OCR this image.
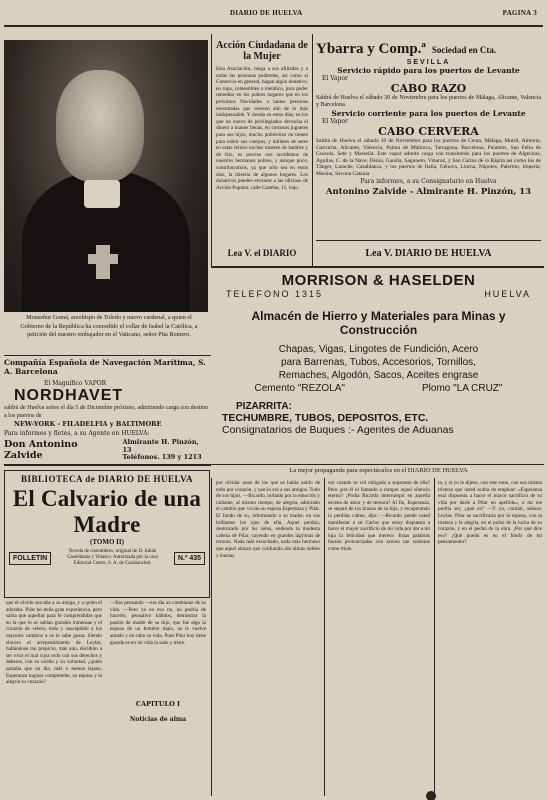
DIARIO DE HUELVA	PAGINA 3
Monseñor Gomá, arzobispo de Toledo y nuevo cardenal, a quien el Gobierno de la República ha concedido el collar de Isabel la Católica, a petición del nuestro embajador en el Vaticano, señor Pita Romero.
Acción Ciudadana de la Mujer
Esta Asociación, ruega a sus afiliadas y a todas las personas pudientes, así como al Comercio en general, hagan algún donativo, en ropa, comestibles o metálico, para poder remediar en los pobres hogares que en los próximos Navidades a tantas personas necesitadas que carecen aún de lo más indispensable. Y siendo en estos días, en los que un nuevo de privilegiados derrocha el dinero a manos llenas, en costosos juguetes para sus hijos, mucho pobrecitos no tienen para cubrir sus cuerpos, y millares de seres en estas felices noches mueren de hambre y de frío, es preciso nos acordemos de nuestros hermanos pobres, y aunque poco, contribuyamos, ya que sólo sea en estos días, la miseria de algunos hogares. Los donativos pueden enviarse a las oficinas de Acción Popular, calle Castelar, 11, bajo.
Lea V. el DIARIO
Ybarra y Comp.ª Sociedad en Cta.
SEVILLA
Servicio rápido para los puertos de Levante
El Vapor
CABO RAZO
Saldrá de Huelva el sábado 30 de Noviembre para los puertos de Málaga, Alicante, Valencia y Barcelona.
Servicio corriente para los puertos de Levante
El Vapor
CABO CERVERA
Saldrá de Huelva el sábado 30 de Noviembre para los puertos de Ceuta, Málaga, Motril, Almería, Garrucha, Alicante, Valencia, Palma de Mallorca, Tarragona, Barcelona, Palamós, San Feliu de Guixols, Sete y Marsella. Este vapor admite carga con transbordo para los puertos de Algeciras, Aguilas, C. de la Nave, Denia, Gandía, Saguneto, Vinaroz, y San Carlos de la Rápita así como los de Tánger, Larache, Casablanca, y los puertos de Italia, Génova, Liorna, Nápoles, Palermo, Imperia, Mesina, Savona Catania
Para informes, a su Consignatario en Huelva
Antonino Zalvide - Almirante H. Pinzón, 13
Lea V. DIARIO DE HUELVA
MORRISON & HASELDEN
TELEFONO 1315	HUELVA
Almacén de Hierro y Materiales para Minas y Construcción
Chapas, Vigas, Lingotes de Fundición, Acero
para Barrenas, Tubos, Accesorios, Tornillos,
Remaches, Algodón, Sacos, Aceites engrase
Cemento "REZOLA"	Plomo "LA CRUZ"
PIZARRITA:
TECHUMBRE, TUBOS, DEPOSITOS, ETC.
Consignatarios de Buques :- Agentes de Aduanas
La mejor propaganda para espectáculos en el DIARIO DE HUELVA
Compañía Española de Navegación Marítima, S. A. Barcelona
El Magnífico VAPOR
NORDHAVET
saldrá de Huelva sobre el día 5 de Diciembre próximo, admitiendo carga con destino a los puertos de
NEW-YORK - FILADELFIA y BALTIMORE
Para informes y fletes, a su Agente en HUELVA:
Don Antonino Zalvide
Almirante H. Pinzón, 13
Teléfonos. 139 y 1213
BIBLIOTECA de DIARIO DE HUELVA
El Calvario de una Madre
(TOMO II)
FOLLETIN
Novela de costumbres, original de D. Julián Castellanos y Velasco. Autorizada por la casa Editorial Castro, S. A. de Carabanchel.
N.º 435
que el olvido surcaba a su amiga, y a quien él adoraba. Pilar no tenía gran experiencia, pero sabía que aquellas para fe comprendidas que en la que lo se sabían grandes inmensas y el corazón de velero, todo y susceptible a los mayores cambios a se le sabe gusta. Siendo sincero el arrepentimiento de Leylas, hallándose tan propicio, más aún, decidido a ser vivir el mal cuya todo con sus derechos y deberes, con su cariño y su voluntad, ¿quién quitaba que un día, más o menos lejano, Esperanza lograra comprender, su esposa y la alegría su corazón?
—Ese pensando —era día un cambiante de su vida. —Pero yo en eso no, no podría de hacerlo; pensativo hábitos, demostrar la pasión de madre de su hijo, que fue algo la esposa de un hombre malo, se le vuelve amado y en cabo su vida. Pues Pilar hoy tiene guarda es en mi vida la sabe y triste.
CAPITULO I
Noticias de alma
por olvidar unos de los que se había unido de todo por corazón, y que lo era a sus amigos. Todo de sus hijos. —Ricardo, turbado por la emoción y radiante, al mismo tiempo, de alegría, admirado el cambio que vivían su esposa Esperanza y Pilar. El fondo de su, informando a su madre, en sus brillantes los ojos de ella. Aquel perdón, destrozado por los celos, endeuda la modesta cabeza de Pilar, cayendo en grandes lágrimas de ternura. Nada más escuchado, nada más hermoso que aquel abrazo que confundía dos almas nobles y buenas.
mo cuando se vió obligado a separarse de ella? Pero ¡era él el llamado a romper aquel silencio eterno? ¡Podía Ricardo interrumpir en aquella escena de amor y de ternura? Al fin, Esperanza, se separó de los brazos de su hija, y recuperando la perdida calma, dijo: —Ricardo puede usted manifestar a sir Carlos que estoy dispuesta a hacer el mayor sacrificio de mi vida por dar a mi hija la felicidad que merece. Estas palabras fueron pronunciadas con acento tan solemne como triste.
ta, y si yo le dijese, con este tono, con esa misma tristeza que usted acaba de emplear: «Esperanza está dispuesta a hacer el mayor sacrificio de su vida por darle a Pilar un apellido», a mí me podría ser, ¿qué es? —Y yo, cordial, señora: Leylas. Pilar se sacrificaría por la esposa, con la tristeza y la alegría, en el pulso de la lucha de su corazón, y en el pecho de la obra. ¡Por qué dice eso? ¡Qué puedo es en el fondo de mi pensamiento?
